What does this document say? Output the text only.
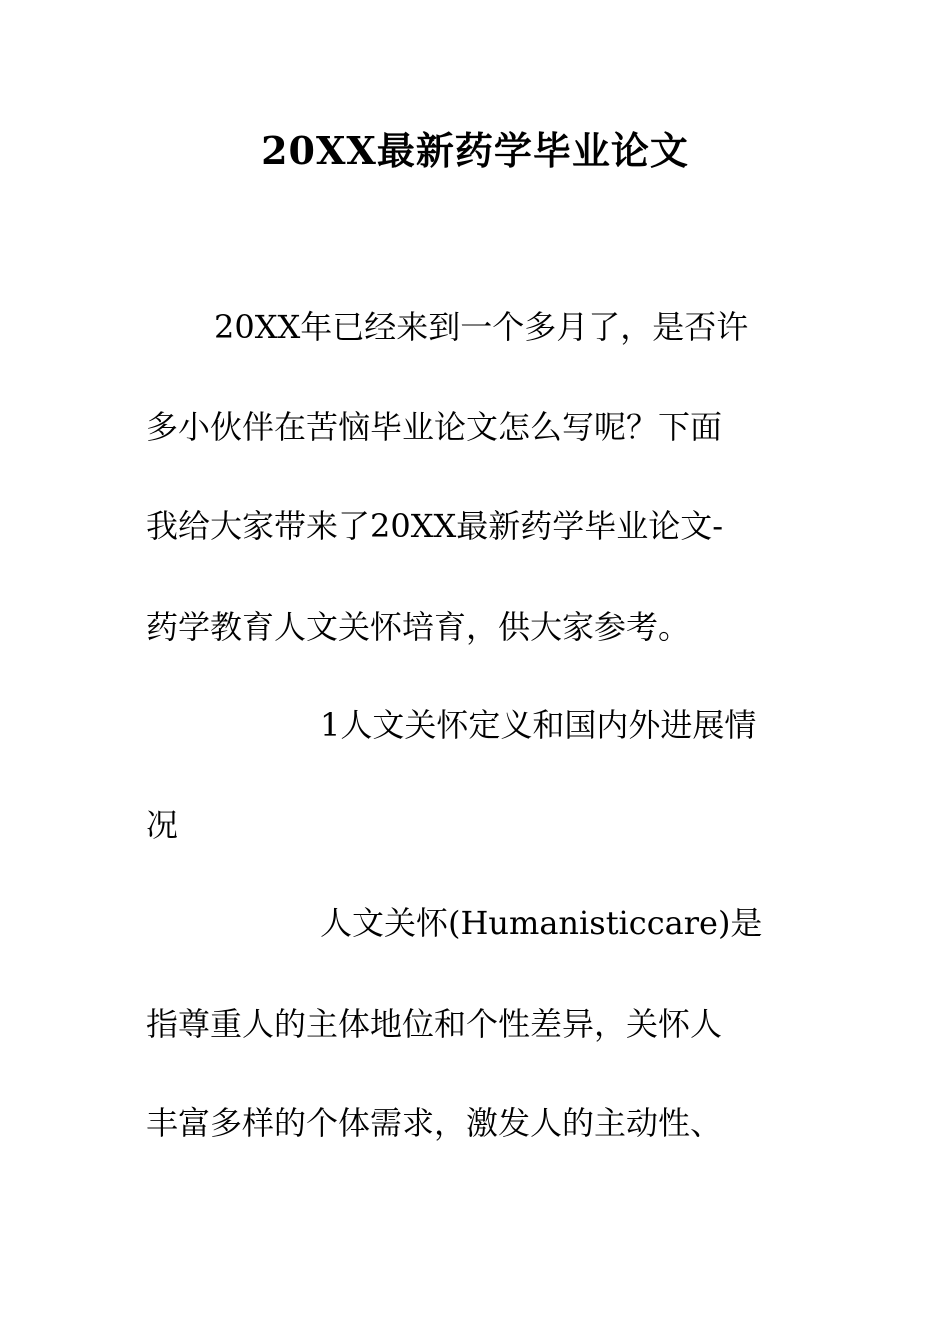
20XX最新药学毕业论文
20XX年已经来到一个多月了，是否许
多小伙伴在苦恼毕业论文怎么写呢？下面
我给大家带来了20XX最新药学毕业论文-
药学教育人文关怀培育，供大家参考。
1人文关怀定义和国内外进展情
况
人文关怀(Humanisticcare)是
指尊重人的主体地位和个性差异，关怀人
丰富多样的个体需求，激发人的主动性、
